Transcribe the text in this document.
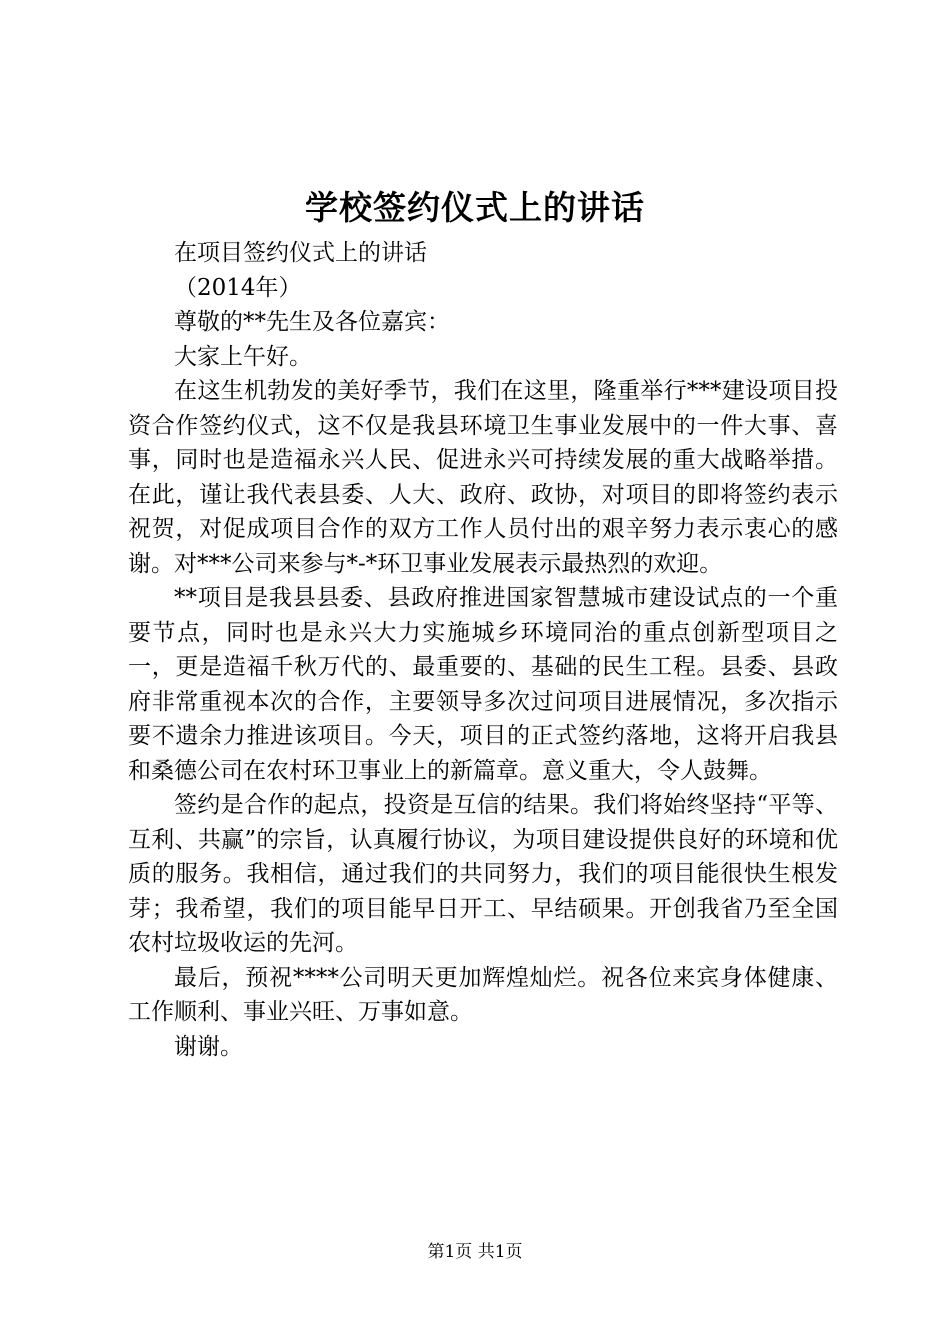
学校签约仪式上的讲话

在项目签约仪式上的讲话

（2014年）

尊敬的**先生及各位嘉宾：

大家上午好。

在这生机勃发的美好季节，我们在这里，隆重举行***建设项目投资合作签约仪式，这不仅是我县环境卫生事业发展中的一件大事、喜事，同时也是造福永兴人民、促进永兴可持续发展的重大战略举措。在此，谨让我代表县委、人大、政府、政协，对项目的即将签约表示祝贺，对促成项目合作的双方工作人员付出的艰辛努力表示衷心的感谢。对***公司来参与*-*环卫事业发展表示最热烈的欢迎。

**项目是我县县委、县政府推进国家智慧城市建设试点的一个重要节点，同时也是永兴大力实施城乡环境同治的重点创新型项目之一，更是造福千秋万代的、最重要的、基础的民生工程。县委、县政府非常重视本次的合作，主要领导多次过问项目进展情况，多次指示要不遗余力推进该项目。今天，项目的正式签约落地，这将开启我县和桑德公司在农村环卫事业上的新篇章。意义重大，令人鼓舞。

签约是合作的起点，投资是互信的结果。我们将始终坚持“平等、互利、共赢”的宗旨，认真履行协议，为项目建设提供良好的环境和优质的服务。我相信，通过我们的共同努力，我们的项目能很快生根发芽；我希望，我们的项目能早日开工、早结硕果。开创我省乃至全国农村垃圾收运的先河。

最后，预祝****公司明天更加辉煌灿烂。祝各位来宾身体健康、工作顺利、事业兴旺、万事如意。

谢谢。

第1页 共1页
